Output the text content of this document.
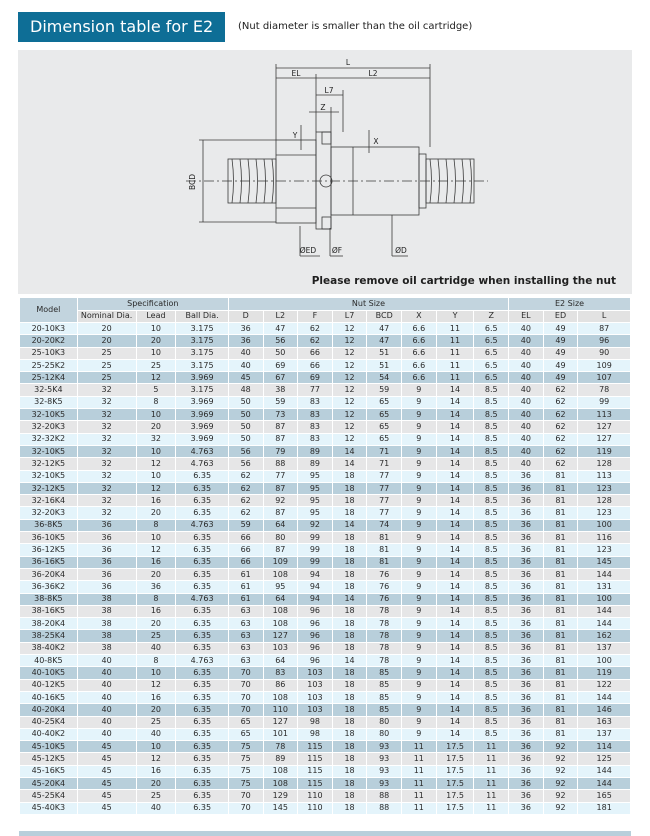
Dimension table for E2	(Nut diameter is smaller than the oil cartridge)
L
EL	L2
L7
Z
Y
X
BCD
ØED ØF	ØD
Please remove oil cartridge when installing the nut
Model	Specification			Nut Size								E2 Size		
	Nominal Dia.	Lead	Ball Dia.	D	L2	F	L7	BCD	X	Y	Z	EL	ED	L
20-10K3	20	10	3.175	36	47	62	12	47	6.6	11	6.5	40	49	87
20-20K2	20	20	3.175	36	56	62	12	47	6.6	11	6.5	40	49	96
25-10K3	25	10	3.175	40	50	66	12	51	6.6	11	6.5	40	49	90
25-25K2	25	25	3.175	40	69	66	12	51	6.6	11	6.5	40	49	109
25-12K4	25	12	3.969	45	67	69	12	54	6.6	11	6.5	40	49	107
32-5K4	32	5	3.175	48	38	77	12	59	9	14	8.5	40	62	78
32-8K5	32	8	3.969	50	59	83	12	65	9	14	8.5	40	62	99
32-10K5	32	10	3.969	50	73	83	12	65	9	14	8.5	40	62	113
32-20K3	32	20	3.969	50	87	83	12	65	9	14	8.5	40	62	127
32-32K2	32	32	3.969	50	87	83	12	65	9	14	8.5	40	62	127
32-10K5	32	10	4.763	56	79	89	14	71	9	14	8.5	40	62	119
32-12K5	32	12	4.763	56	88	89	14	71	9	14	8.5	40	62	128
32-10K5	32	10	6.35	62	77	95	18	77	9	14	8.5	36	81	113
32-12K5	32	12	6.35	62	87	95	18	77	9	14	8.5	36	81	123
32-16K4	32	16	6.35	62	92	95	18	77	9	14	8.5	36	81	128
32-20K3	32	20	6.35	62	87	95	18	77	9	14	8.5	36	81	123
36-8K5	36	8	4.763	59	64	92	14	74	9	14	8.5	36	81	100
36-10K5	36	10	6.35	66	80	99	18	81	9	14	8.5	36	81	116
36-12K5	36	12	6.35	66	87	99	18	81	9	14	8.5	36	81	123
36-16K5	36	16	6.35	66	109	99	18	81	9	14	8.5	36	81	145
36-20K4	36	20	6.35	61	108	94	18	76	9	14	8.5	36	81	144
36-36K2	36	36	6.35	61	95	94	18	76	9	14	8.5	36	81	131
38-8K5	38	8	4.763	61	64	94	14	76	9	14	8.5	36	81	100
38-16K5	38	16	6.35	63	108	96	18	78	9	14	8.5	36	81	144
38-20K4	38	20	6.35	63	108	96	18	78	9	14	8.5	36	81	144
38-25K4	38	25	6.35	63	127	96	18	78	9	14	8.5	36	81	162
38-40K2	38	40	6.35	63	103	96	18	78	9	14	8.5	36	81	137
40-8K5	40	8	4.763	63	64	96	14	78	9	14	8.5	36	81	100
40-10K5	40	10	6.35	70	83	103	18	85	9	14	8.5	36	81	119
40-12K5	40	12	6.35	70	86	103	18	85	9	14	8.5	36	81	122
40-16K5	40	16	6.35	70	108	103	18	85	9	14	8.5	36	81	144
40-20K4	40	20	6.35	70	110	103	18	85	9	14	8.5	36	81	146
40-25K4	40	25	6.35	65	127	98	18	80	9	14	8.5	36	81	163
40-40K2	40	40	6.35	65	101	98	18	80	9	14	8.5	36	81	137
45-10K5	45	10	6.35	75	78	115	18	93	11	17.5	11	36	92	114
45-12K5	45	12	6.35	75	89	115	18	93	11	17.5	11	36	92	125
45-16K5	45	16	6.35	75	108	115	18	93	11	17.5	11	36	92	144
45-20K4	45	20	6.35	75	108	115	18	93	11	17.5	11	36	92	144
45-25K4	45	25	6.35	70	129	110	18	88	11	17.5	11	36	92	165
45-40K3	45	40	6.35	70	145	110	18	88	11	17.5	11	36	92	181
